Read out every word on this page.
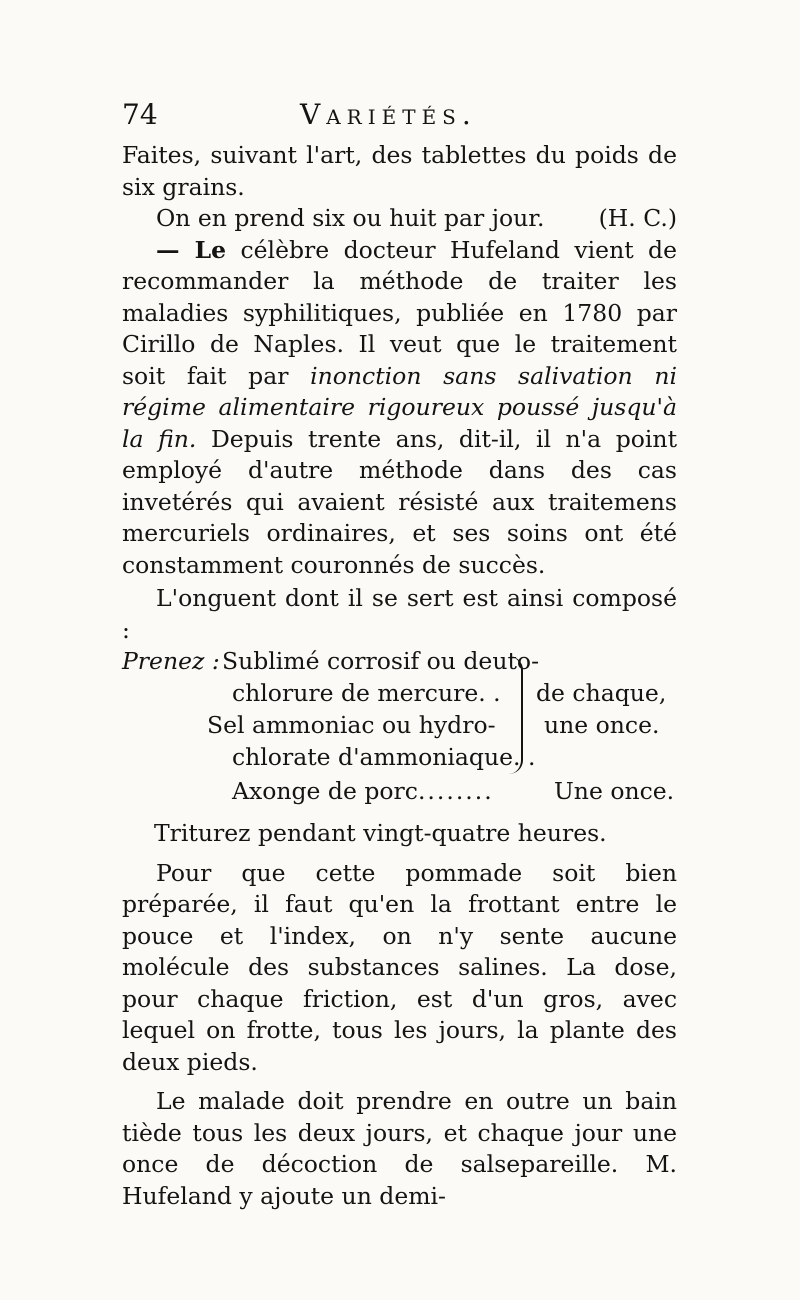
74	Variétés.

Faites, suivant l'art, des tablettes du poids de six grains.

On en prend six ou huit par jour.	(H. C.)

— Le célèbre docteur Hufeland vient de recommander la méthode de traiter les maladies syphilitiques, publiée en 1780 par Cirillo de Naples. Il veut que le traitement soit fait par inonction sans salivation ni régime alimentaire rigoureux poussé jusqu'à la fin. Depuis trente ans, dit-il, il n'a point employé d'autre méthode dans des cas invetérés qui avaient résisté aux traitemens mercuriels ordinaires, et ses soins ont été constamment couronnés de succès.

L'onguent dont il se sert est ainsi composé :

Prenez : Sublimé corrosif ou deuto-
chlorure de mercure. .
Sel ammoniac ou hydro-
chlorate d'ammoniaque. .
de chaque,
une once.
Axonge de porc........	Une once.

Triturez pendant vingt-quatre heures.

Pour que cette pommade soit bien préparée, il faut qu'en la frottant entre le pouce et l'index, on n'y sente aucune molécule des substances salines. La dose, pour chaque friction, est d'un gros, avec lequel on frotte, tous les jours, la plante des deux pieds.

Le malade doit prendre en outre un bain tiède tous les deux jours, et chaque jour une once de décoction de salsepareille. M. Hufeland y ajoute un demi-
